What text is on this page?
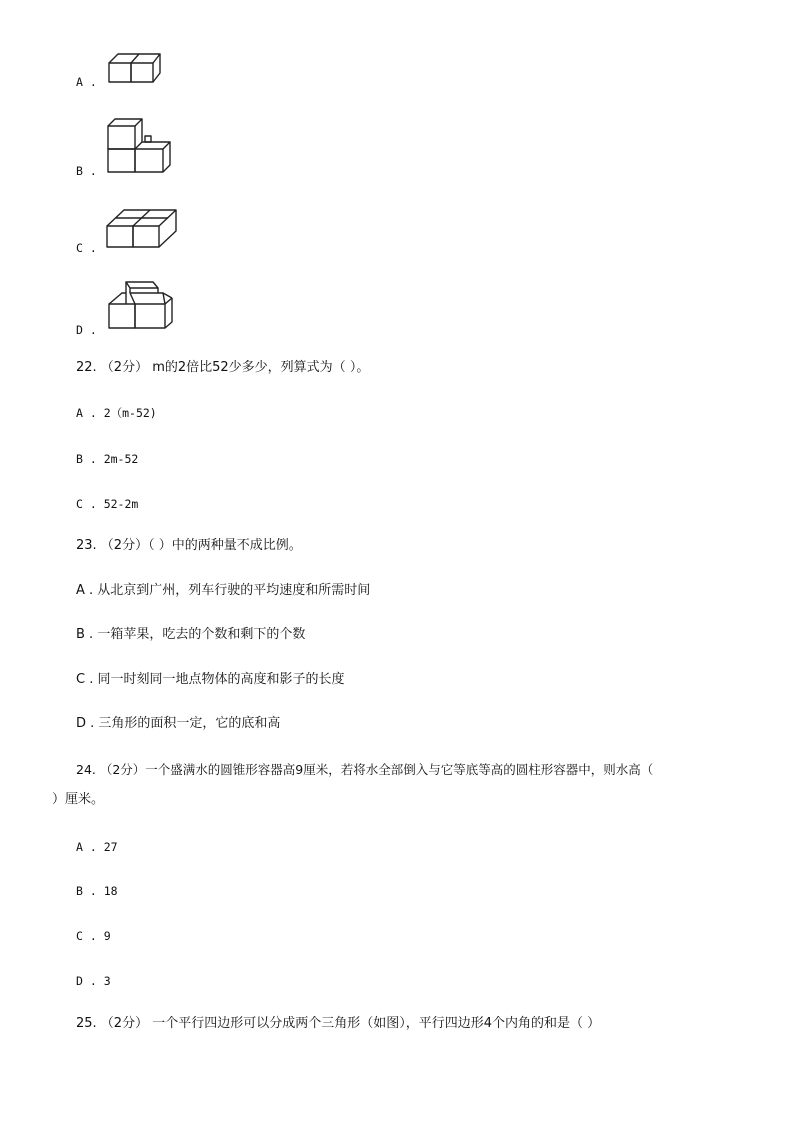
A .
B .
C .
D .
22. （2分） m的2倍比52少多少，列算式为（ ）。
A . 2（m-52)
B . 2m-52
C . 52-2m
23. （2分）（ ）中的两种量不成比例。
A . 从北京到广州，列车行驶的平均速度和所需时间
B . 一箱苹果，吃去的个数和剩下的个数
C . 同一时刻同一地点物体的高度和影子的长度
D . 三角形的面积一定，它的底和高
24. （2分）一个盛满水的圆锥形容器高9厘米，若将水全部倒入与它等底等高的圆柱形容器中，则水高（
）厘米。
A . 27
B . 18
C . 9
D . 3
25. （2分） 一个平行四边形可以分成两个三角形（如图），平行四边形4个内角的和是（ ）
